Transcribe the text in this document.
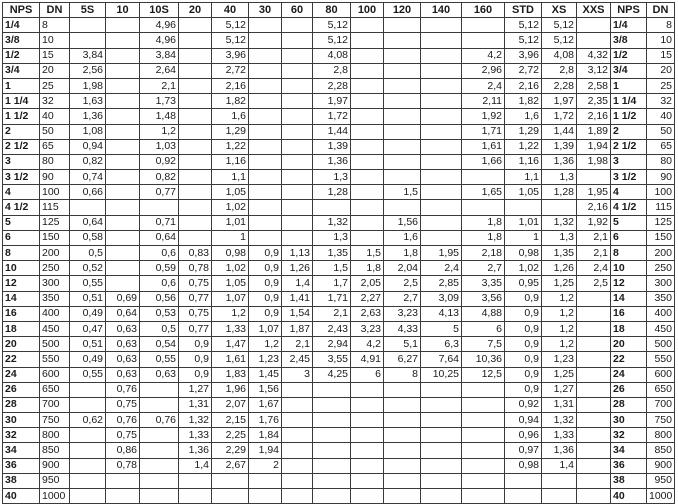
NPS	DN	5S	10	10S	20	40	30	60	80	100	120	140	160	STD	XS	XXS	NPS	DN
1/4	8			4,96		5,12			5,12					5,12	5,12		1/4	8
3/8	10			4,96		5,12			5,12					5,12	5,12		3/8	10
1/2	15	3,84		3,84		3,96			4,08				4,2	3,96	4,08	4,32	1/2	15
3/4	20	2,56		2,64		2,72			2,8				2,96	2,72	2,8	3,12	3/4	20
1	25	1,98		2,1		2,16			2,28				2,4	2,16	2,28	2,58	1	25
1 1/4	32	1,63		1,73		1,82			1,97				2,11	1,82	1,97	2,35	1 1/4	32
1 1/2	40	1,36		1,48		1,6			1,72				1,92	1,6	1,72	2,16	1 1/2	40
2	50	1,08		1,2		1,29			1,44				1,71	1,29	1,44	1,89	2	50
2 1/2	65	0,94		1,03		1,22			1,39				1,61	1,22	1,39	1,94	2 1/2	65
3	80	0,82		0,92		1,16			1,36				1,66	1,16	1,36	1,98	3	80
3 1/2	90	0,74		0,82		1,1			1,3					1,1	1,3		3 1/2	90
4	100	0,66		0,77		1,05			1,28		1,5		1,65	1,05	1,28	1,95	4	100
4 1/2	115					1,02										2,16	4 1/2	115
5	125	0,64		0,71		1,01			1,32		1,56		1,8	1,01	1,32	1,92	5	125
6	150	0,58		0,64		1			1,3		1,6		1,8	1	1,3	2,1	6	150
8	200	0,5		0,6	0,83	0,98	0,9	1,13	1,35	1,5	1,8	1,95	2,18	0,98	1,35	2,1	8	200
10	250	0,52		0,59	0,78	1,02	0,9	1,26	1,5	1,8	2,04	2,4	2,7	1,02	1,26	2,4	10	250
12	300	0,55		0,6	0,75	1,05	0,9	1,4	1,7	2,05	2,5	2,85	3,35	0,95	1,25	2,5	12	300
14	350	0,51	0,69	0,56	0,77	1,07	0,9	1,41	1,71	2,27	2,7	3,09	3,56	0,9	1,2		14	350
16	400	0,49	0,64	0,53	0,75	1,2	0,9	1,54	2,1	2,63	3,23	4,13	4,88	0,9	1,2		16	400
18	450	0,47	0,63	0,5	0,77	1,33	1,07	1,87	2,43	3,23	4,33	5	6	0,9	1,2		18	450
20	500	0,51	0,63	0,54	0,9	1,47	1,2	2,1	2,94	4,2	5,1	6,3	7,5	0,9	1,2		20	500
22	550	0,49	0,63	0,55	0,9	1,61	1,23	2,45	3,55	4,91	6,27	7,64	10,36	0,9	1,23		22	550
24	600	0,55	0,63	0,63	0,9	1,83	1,45	3	4,25	6	8	10,25	12,5	0,9	1,25		24	600
26	650		0,76		1,27	1,96	1,56							0,9	1,27		26	650
28	700		0,75		1,31	2,07	1,67							0,92	1,31		28	700
30	750	0,62	0,76	0,76	1,32	2,15	1,76							0,94	1,32		30	750
32	800		0,75		1,33	2,25	1,84							0,96	1,33		32	800
34	850		0,86		1,36	2,29	1,94							0,97	1,36		34	850
36	900		0,78		1,4	2,67	2							0,98	1,4		36	900
38	950																38	950
40	1000																40	1000
